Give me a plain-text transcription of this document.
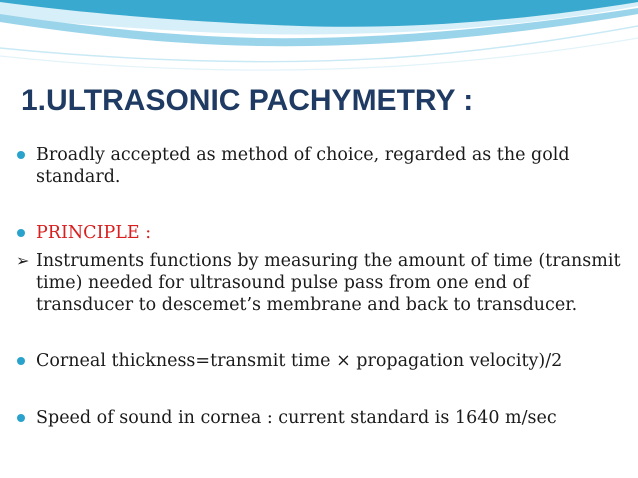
1.ULTRASONIC PACHYMETRY :
Broadly accepted as method of choice, regarded as the gold standard.
PRINCIPLE :
➢ Instruments functions by measuring the amount of time (transmit time) needed for ultrasound pulse pass from one end of transducer to descemet’s membrane and back to transducer.
Corneal thickness=transmit time × propagation velocity)/2
Speed of sound in cornea : current standard is 1640 m/sec
